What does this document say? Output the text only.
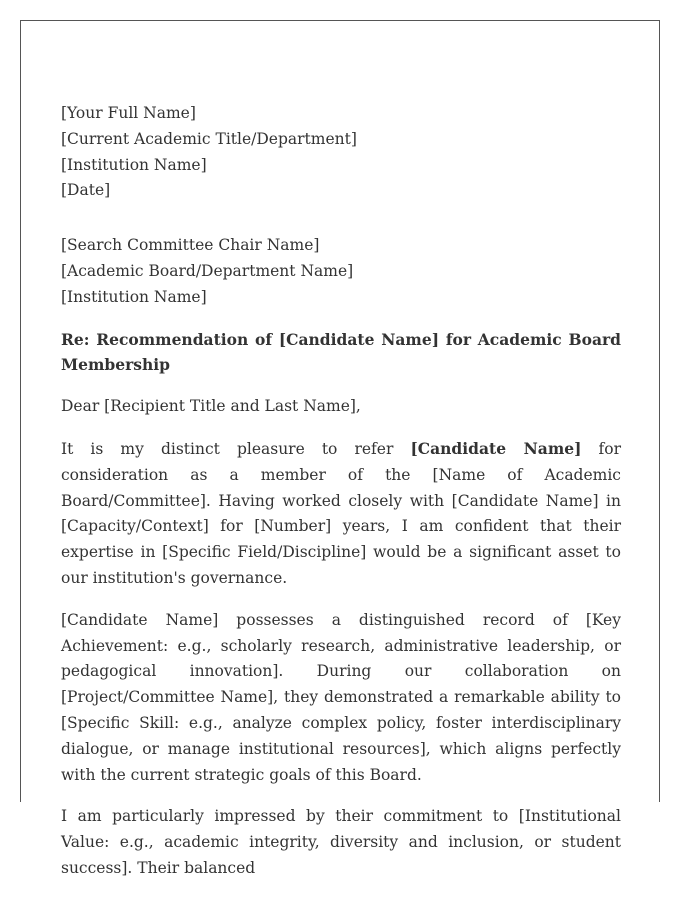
[Your Full Name]

[Current Academic Title/Department]

[Institution Name]

[Date]

[Search Committee Chair Name]

[Academic Board/Department Name]

[Institution Name]

Re: Recommendation of [Candidate Name] for Academic Board Membership

Dear [Recipient Title and Last Name],

It is my distinct pleasure to refer [Candidate Name] for consideration as a member of the [Name of Academic Board/Committee]. Having worked closely with [Candidate Name] in [Capacity/Context] for [Number] years, I am confident that their expertise in [Specific Field/Discipline] would be a significant asset to our institution's governance.

[Candidate Name] possesses a distinguished record of [Key Achievement: e.g., scholarly research, administrative leadership, or pedagogical innovation]. During our collaboration on [Project/Committee Name], they demonstrated a remarkable ability to [Specific Skill: e.g., analyze complex policy, foster interdisciplinary dialogue, or manage institutional resources], which aligns perfectly with the current strategic goals of this Board.

I am particularly impressed by their commitment to [Institutional Value: e.g., academic integrity, diversity and inclusion, or student success]. Their balanced
